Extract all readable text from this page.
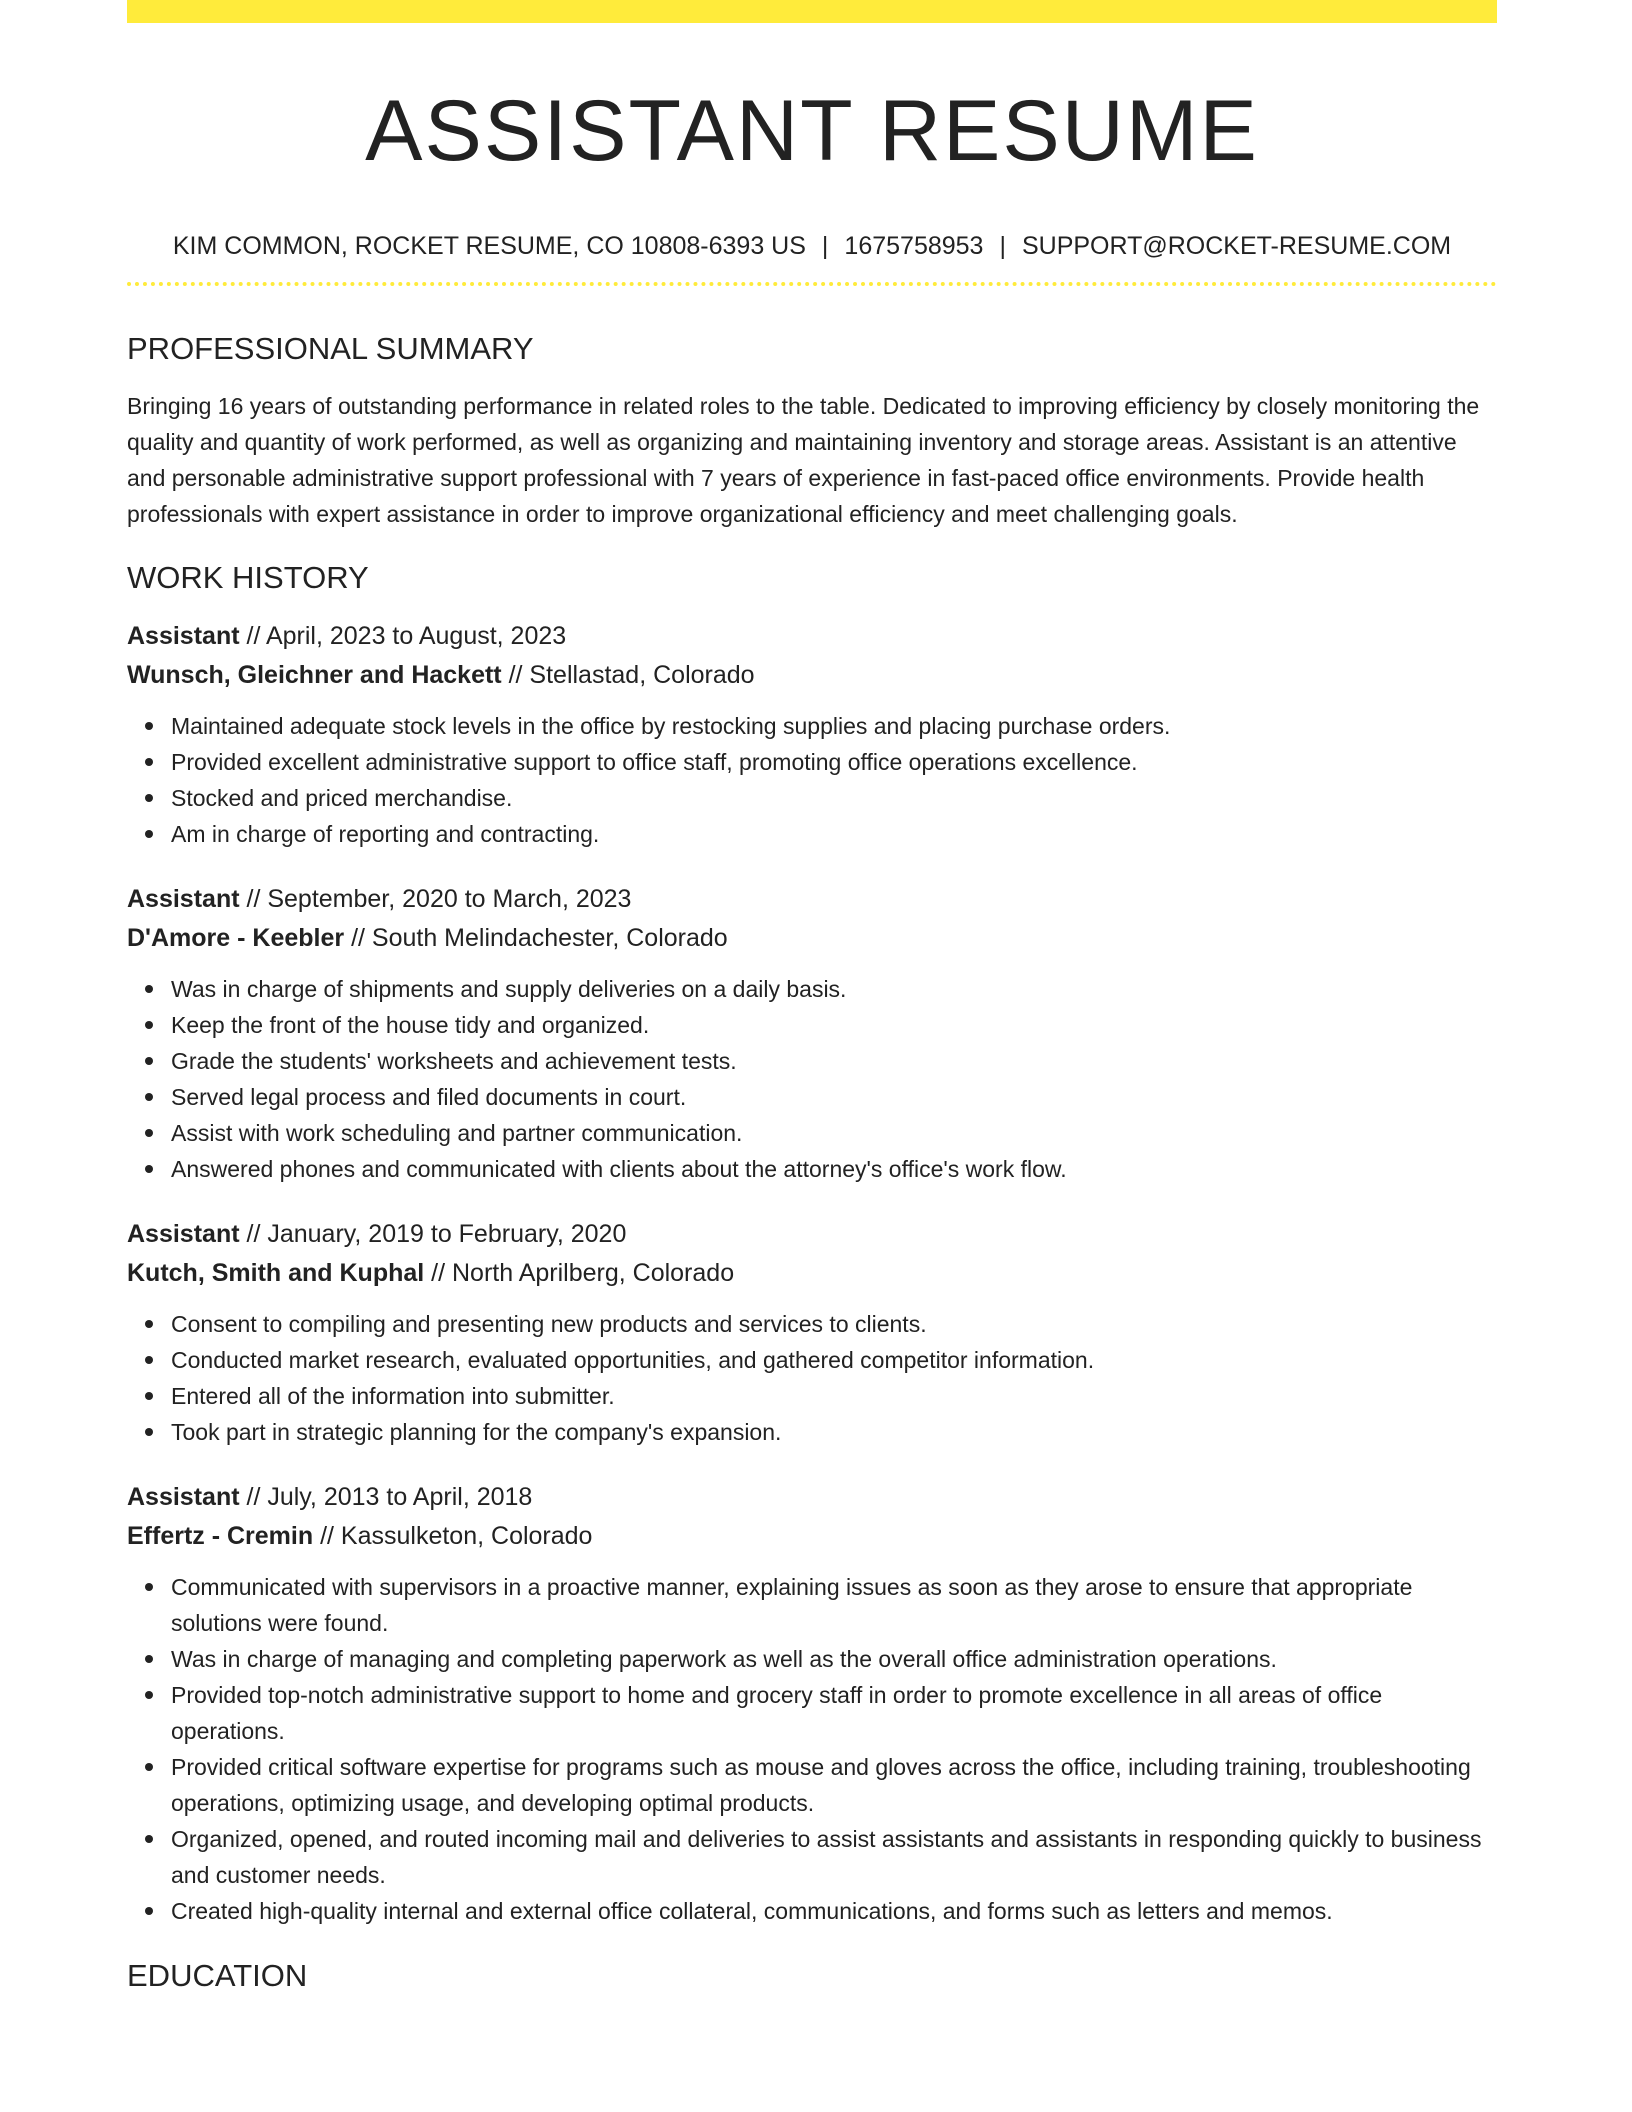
ASSISTANT RESUME
KIM COMMON, ROCKET RESUME, CO 10808-6393 US | 1675758953 | SUPPORT@ROCKET-RESUME.COM
PROFESSIONAL SUMMARY

Bringing 16 years of outstanding performance in related roles to the table. Dedicated to improving efficiency by closely monitoring the quality and quantity of work performed, as well as organizing and maintaining inventory and storage areas. Assistant is an attentive and personable administrative support professional with 7 years of experience in fast-paced office environments. Provide health professionals with expert assistance in order to improve organizational efficiency and meet challenging goals.

WORK HISTORY
Assistant // April, 2023 to August, 2023
Wunsch, Gleichner and Hackett // Stellastad, Colorado
Maintained adequate stock levels in the office by restocking supplies and placing purchase orders.
Provided excellent administrative support to office staff, promoting office operations excellence.
Stocked and priced merchandise.
Am in charge of reporting and contracting.
Assistant // September, 2020 to March, 2023
D'Amore - Keebler // South Melindachester, Colorado
Was in charge of shipments and supply deliveries on a daily basis.
Keep the front of the house tidy and organized.
Grade the students' worksheets and achievement tests.
Served legal process and filed documents in court.
Assist with work scheduling and partner communication.
Answered phones and communicated with clients about the attorney's office's work flow.
Assistant // January, 2019 to February, 2020
Kutch, Smith and Kuphal // North Aprilberg, Colorado
Consent to compiling and presenting new products and services to clients.
Conducted market research, evaluated opportunities, and gathered competitor information.
Entered all of the information into submitter.
Took part in strategic planning for the company's expansion.
Assistant // July, 2013 to April, 2018
Effertz - Cremin // Kassulketon, Colorado
Communicated with supervisors in a proactive manner, explaining issues as soon as they arose to ensure that appropriate solutions were found.
Was in charge of managing and completing paperwork as well as the overall office administration operations.
Provided top-notch administrative support to home and grocery staff in order to promote excellence in all areas of office operations.
Provided critical software expertise for programs such as mouse and gloves across the office, including training, troubleshooting operations, optimizing usage, and developing optimal products.
Organized, opened, and routed incoming mail and deliveries to assist assistants and assistants in responding quickly to business and customer needs.
Created high-quality internal and external office collateral, communications, and forms such as letters and memos.
EDUCATION
